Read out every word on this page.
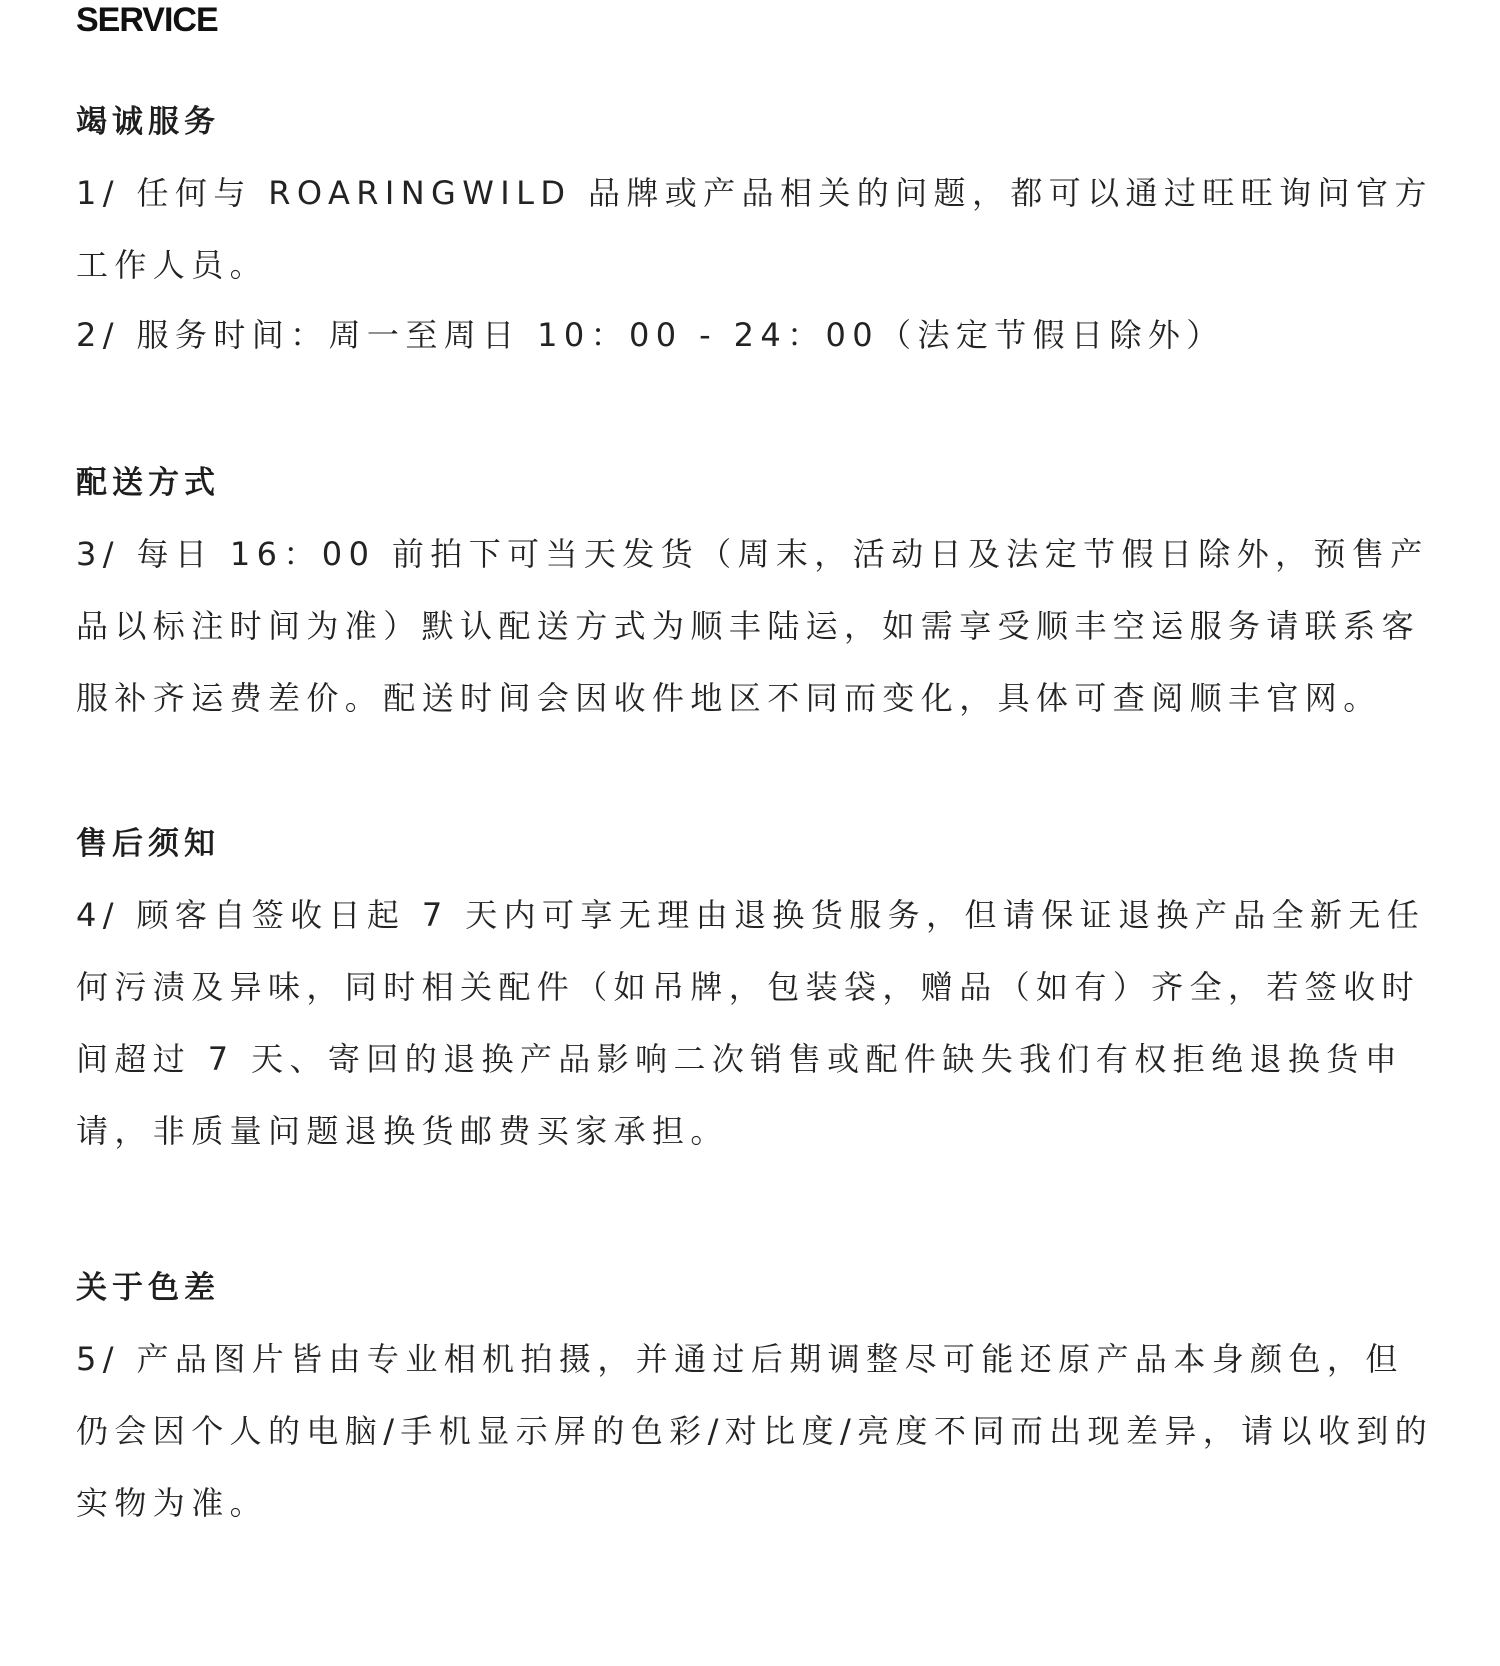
SERVICE
竭诚服务

1/ 任何与 ROARINGWILD 品牌或产品相关的问题，都可以通过旺旺询问官方工作人员。

2/ 服务时间：周一至周日 10：00 - 24：00（法定节假日除外）

配送方式

3/ 每日 16：00 前拍下可当天发货（周末，活动日及法定节假日除外，预售产品以标注时间为准）默认配送方式为顺丰陆运，如需享受顺丰空运服务请联系客服补齐运费差价。配送时间会因收件地区不同而变化，具体可查阅顺丰官网。

售后须知

4/ 顾客自签收日起 7 天内可享无理由退换货服务，但请保证退换产品全新无任何污渍及异味，同时相关配件（如吊牌，包装袋，赠品（如有）齐全，若签收时间超过 7 天、寄回的退换产品影响二次销售或配件缺失我们有权拒绝退换货申请，非质量问题退换货邮费买家承担。

关于色差

5/ 产品图片皆由专业相机拍摄，并通过后期调整尽可能还原产品本身颜色，但仍会因个人的电脑/手机显示屏的色彩/对比度/亮度不同而出现差异，请以收到的实物为准。
